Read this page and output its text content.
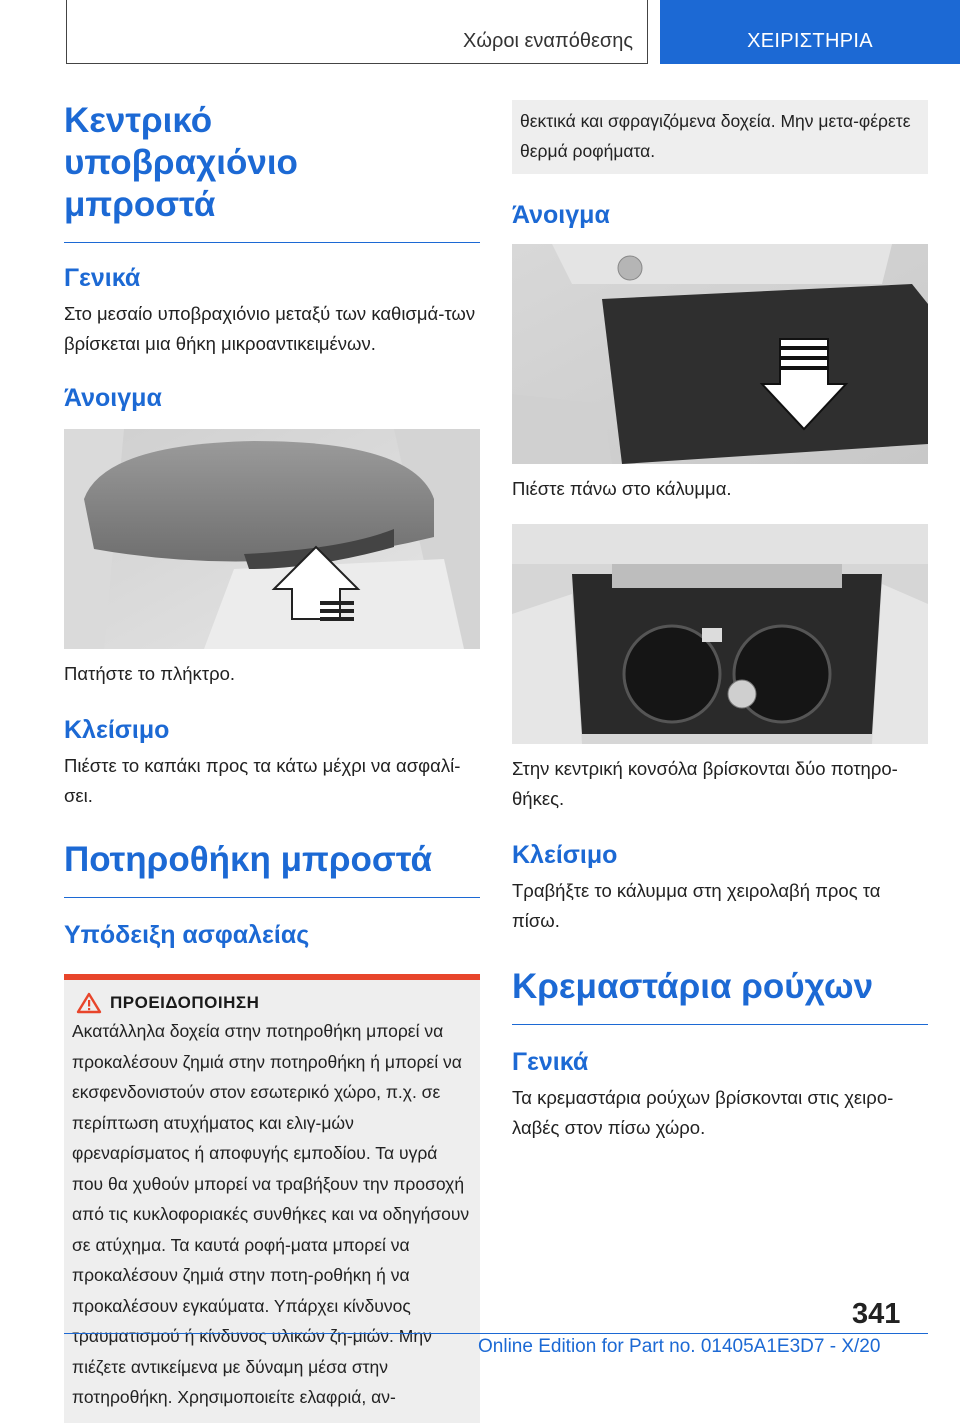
Χώροι εναπόθεσης	ΧΕΙΡΙΣΤΗΡΙΑ
Κεντρικό υποβραχιόνιο μπροστά
Γενικά
Στο μεσαίο υποβραχιόνιο μεταξύ των καθισμά-των βρίσκεται μια θήκη μικροαντικειμένων.
Άνοιγμα
Πατήστε το πλήκτρο.
Κλείσιμο
Πιέστε το καπάκι προς τα κάτω μέχρι να ασφαλί-σει.
Ποτηροθήκη μπροστά
Υπόδειξη ασφαλείας
ΠΡΟΕΙΔΟΠΟΙΗΣΗ
Ακατάλληλα δοχεία στην ποτηροθήκη μπορεί να προκαλέσουν ζημιά στην ποτηροθήκη ή μπορεί να εκσφενδονιστούν στον εσωτερικό χώρο, π.χ. σε περίπτωση ατυχήματος και ελιγ-μών φρεναρίσματος ή αποφυγής εμποδίου. Τα υγρά που θα χυθούν μπορεί να τραβήξουν την προσοχή από τις κυκλοφοριακές συνθήκες και να οδηγήσουν σε ατύχημα. Τα καυτά ροφή-ματα μπορεί να προκαλέσουν ζημιά στην ποτη-ροθήκη ή να προκαλέσουν εγκαύματα. Υπάρχει κίνδυνος τραυματισμού ή κίνδυνος υλικών ζη-μιών. Μην πιέζετε αντικείμενα με δύναμη μέσα στην ποτηροθήκη. Χρησιμοποιείτε ελαφριά, αν-
θεκτικά και σφραγιζόμενα δοχεία. Μην μετα-φέρετε θερμά ροφήματα.
Άνοιγμα
Πιέστε πάνω στο κάλυμμα.
Στην κεντρική κονσόλα βρίσκονται δύο ποτηρο-θήκες.
Κλείσιμο
Τραβήξτε το κάλυμμα στη χειρολαβή προς τα πίσω.
Κρεμαστάρια ρούχων
Γενικά
Τα κρεμαστάρια ρούχων βρίσκονται στις χειρο-λαβές στον πίσω χώρο.
341
Online Edition for Part no. 01405A1E3D7 - X/20
